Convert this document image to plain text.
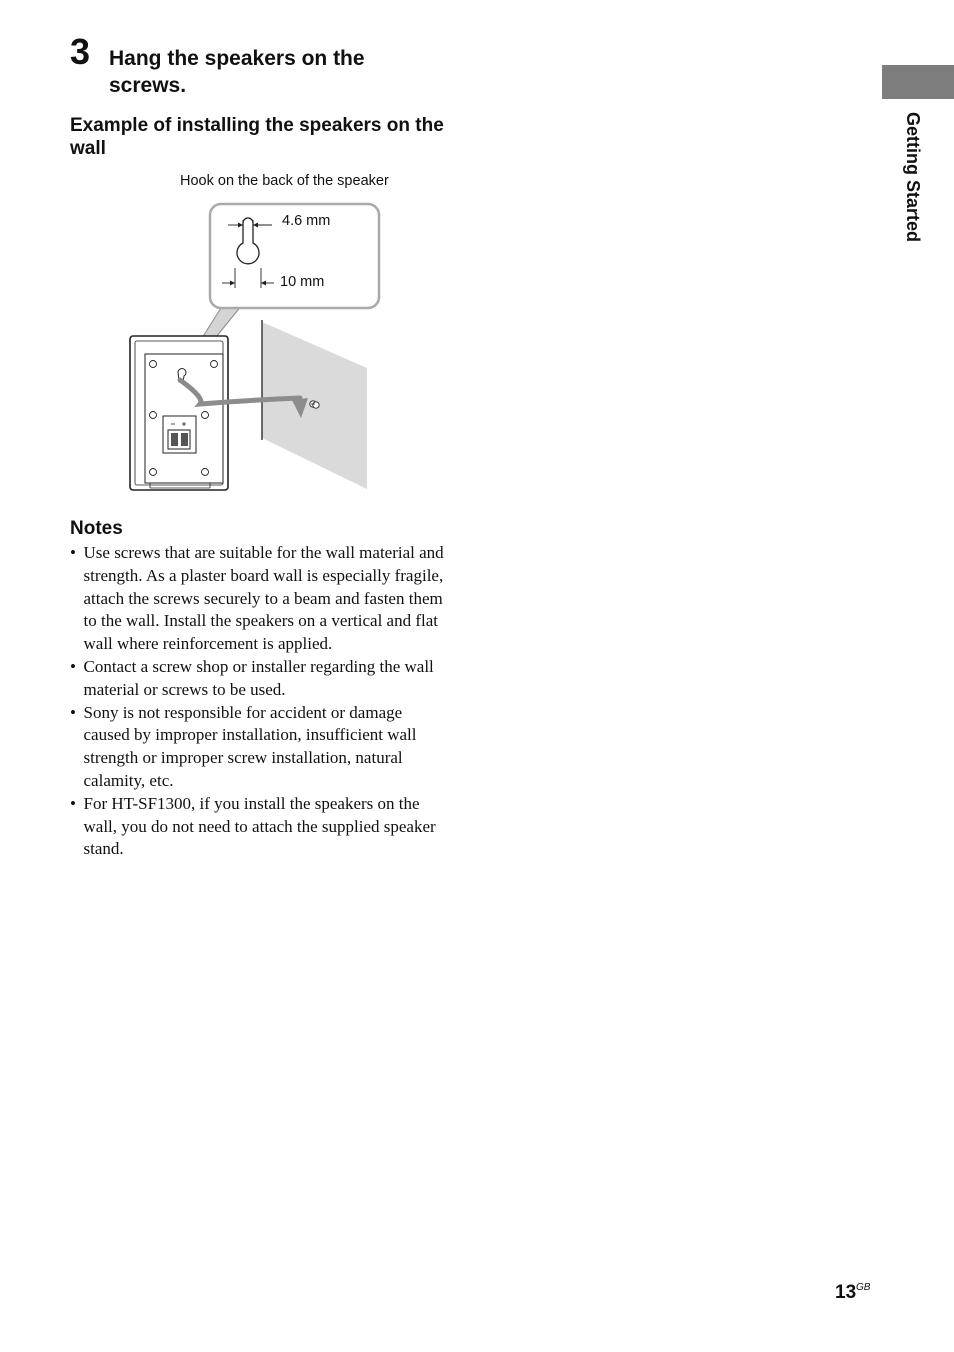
3 Hang the speakers on the screws.
Example of installing the speakers on the wall
Hook on the back of the speaker
4.6 mm
10 mm
Notes
• Use screws that are suitable for the wall material and strength. As a plaster board wall is especially fragile, attach the screws securely to a beam and fasten them to the wall. Install the speakers on a vertical and flat wall where reinforcement is applied.
• Contact a screw shop or installer regarding the wall material or screws to be used.
• Sony is not responsible for accident or damage caused by improper installation, insufficient wall strength or improper screw installation, natural calamity, etc.
• For HT-SF1300, if you install the speakers on the wall, you do not need to attach the supplied speaker stand.
Getting Started
13 GB
